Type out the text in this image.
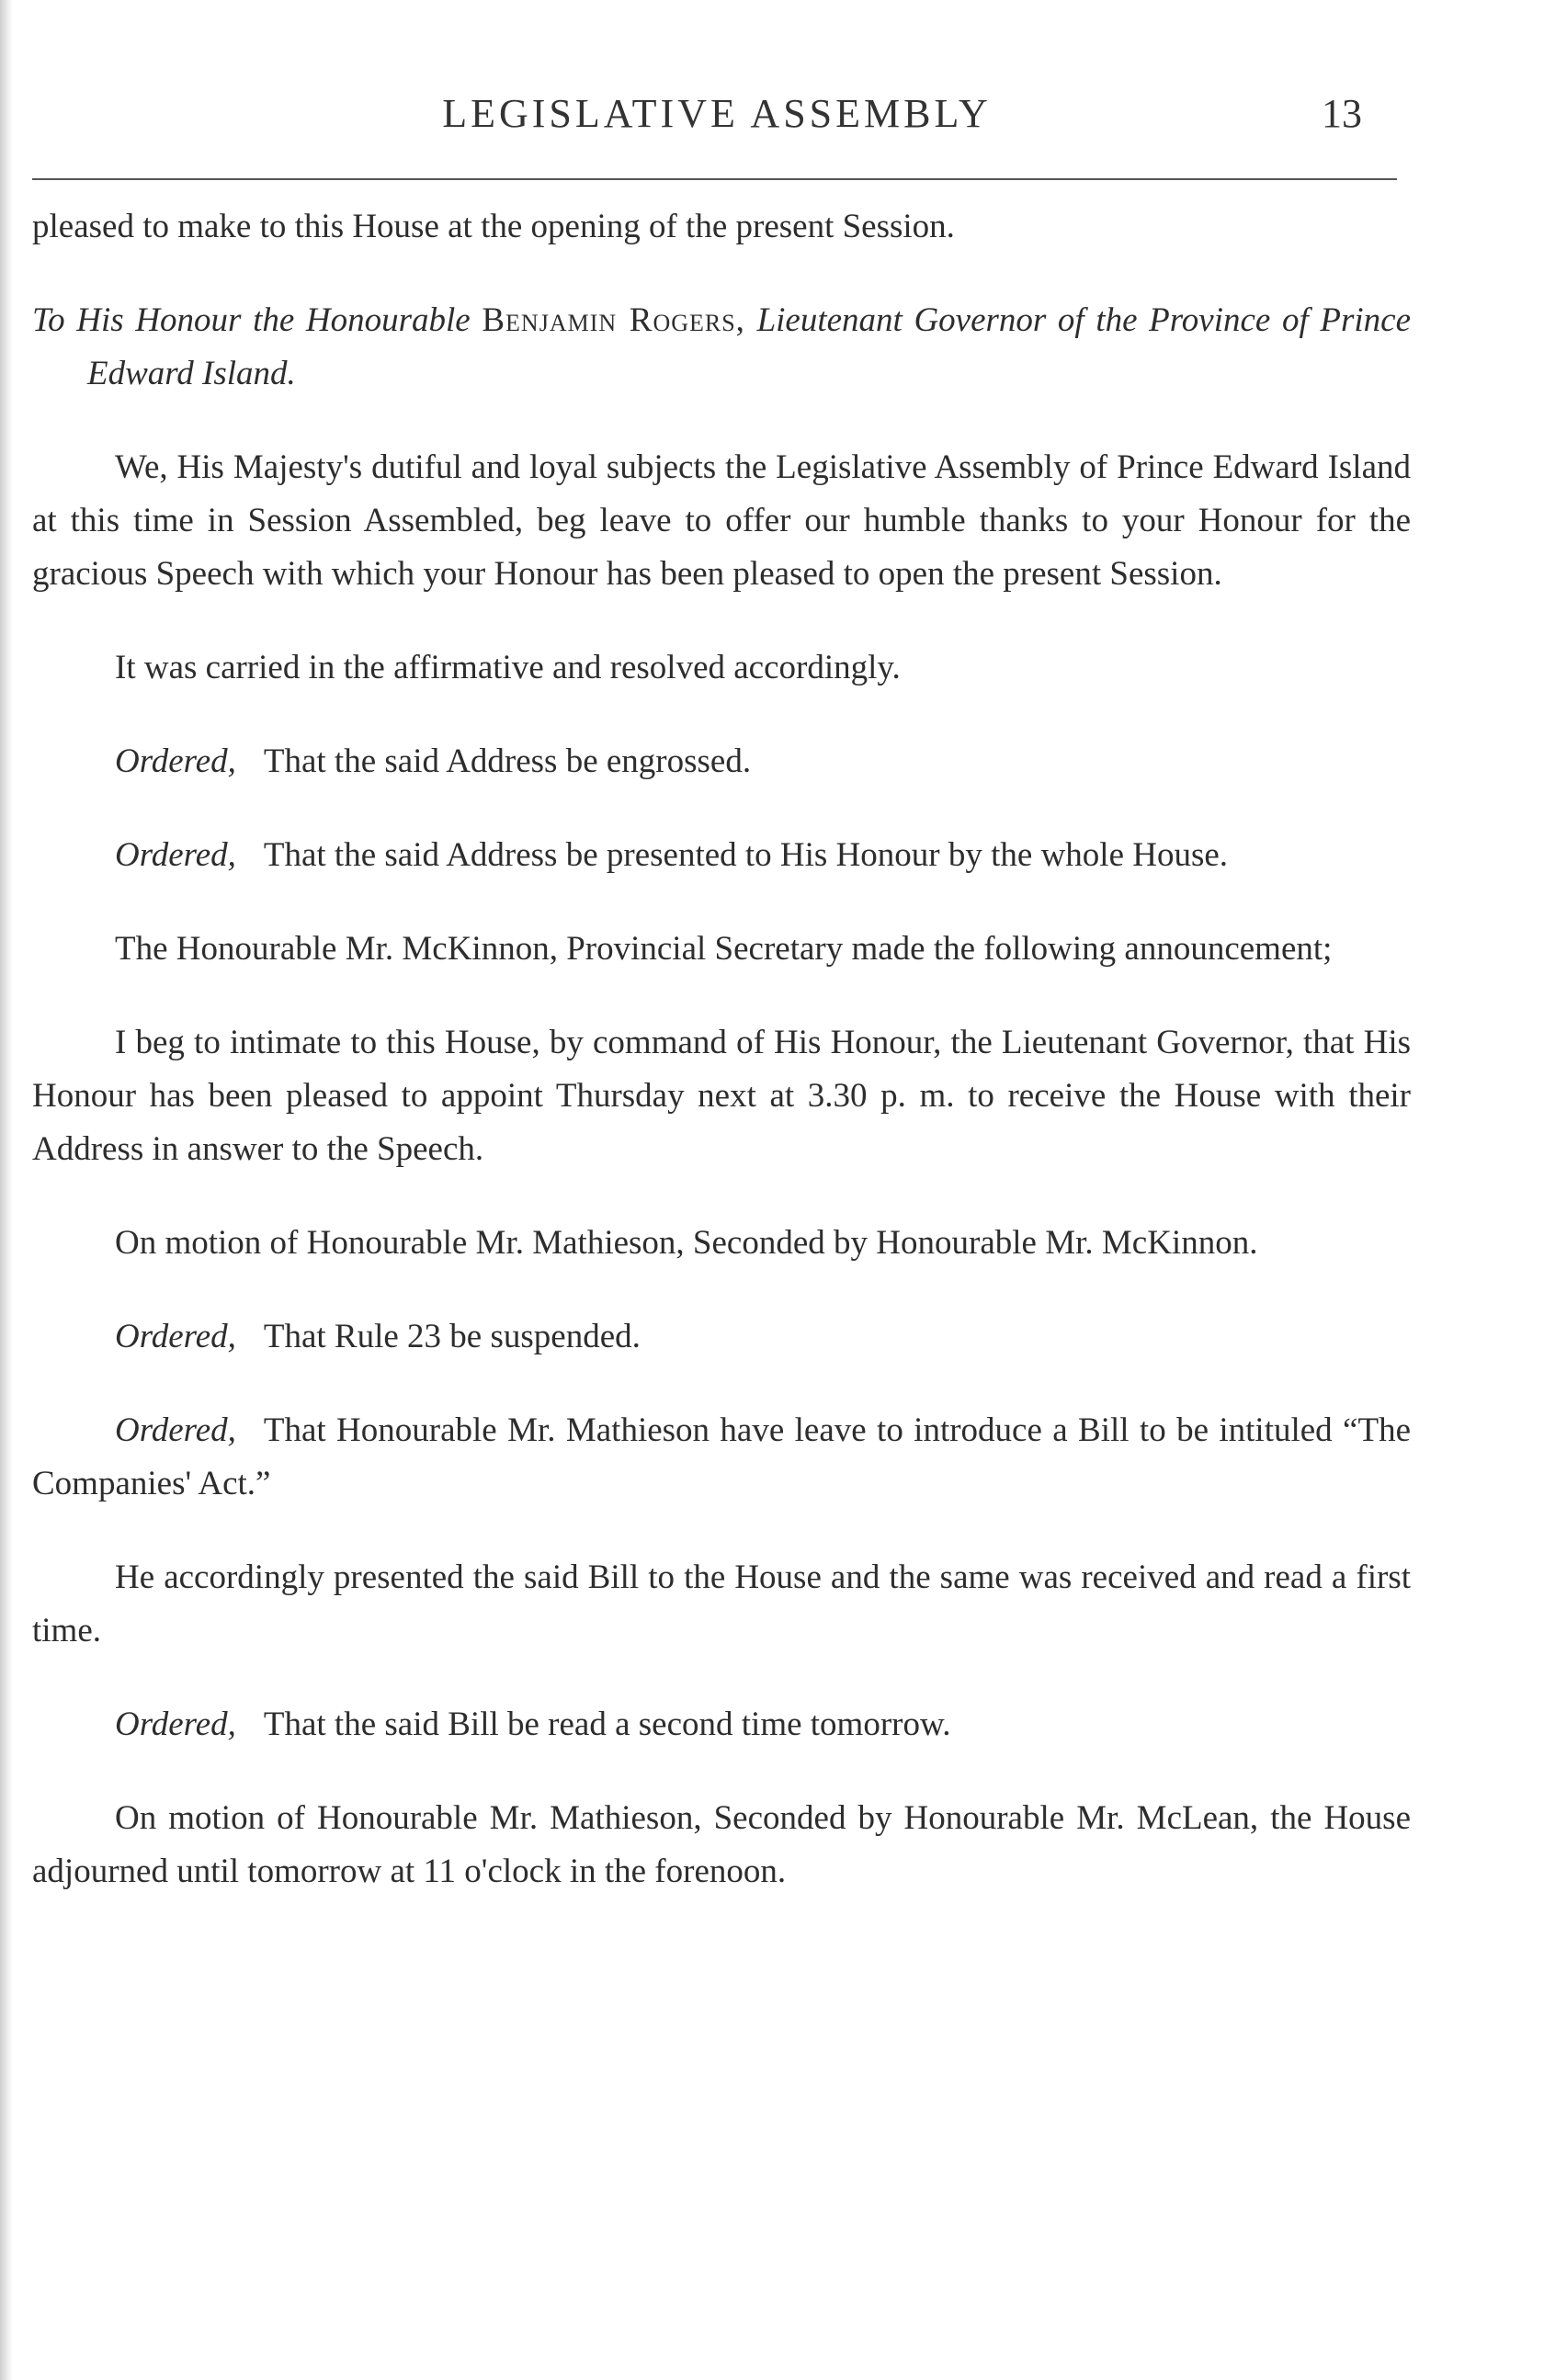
LEGISLATIVE ASSEMBLY	13

pleased to make to this House at the opening of the present Session.

To His Honour the Honourable Benjamin Rogers, Lieutenant Governor of the Province of Prince Edward Island.

We, His Majesty's dutiful and loyal subjects the Legislative Assembly of Prince Edward Island at this time in Session Assembled, beg leave to offer our humble thanks to your Honour for the gracious Speech with which your Honour has been pleased to open the present Session.

It was carried in the affirmative and resolved accordingly.

Ordered, That the said Address be engrossed.

Ordered, That the said Address be presented to His Honour by the whole House.

The Honourable Mr. McKinnon, Provincial Secretary made the following announcement;

I beg to intimate to this House, by command of His Honour, the Lieutenant Governor, that His Honour has been pleased to appoint Thursday next at 3.30 p. m. to receive the House with their Address in answer to the Speech.

On motion of Honourable Mr. Mathieson, Seconded by Honourable Mr. McKinnon.

Ordered, That Rule 23 be suspended.

Ordered, That Honourable Mr. Mathieson have leave to introduce a Bill to be intituled “The Companies' Act.”

He accordingly presented the said Bill to the House and the same was received and read a first time.

Ordered, That the said Bill be read a second time tomorrow.

On motion of Honourable Mr. Mathieson, Seconded by Honourable Mr. McLean, the House adjourned until tomorrow at 11 o'clock in the forenoon.
